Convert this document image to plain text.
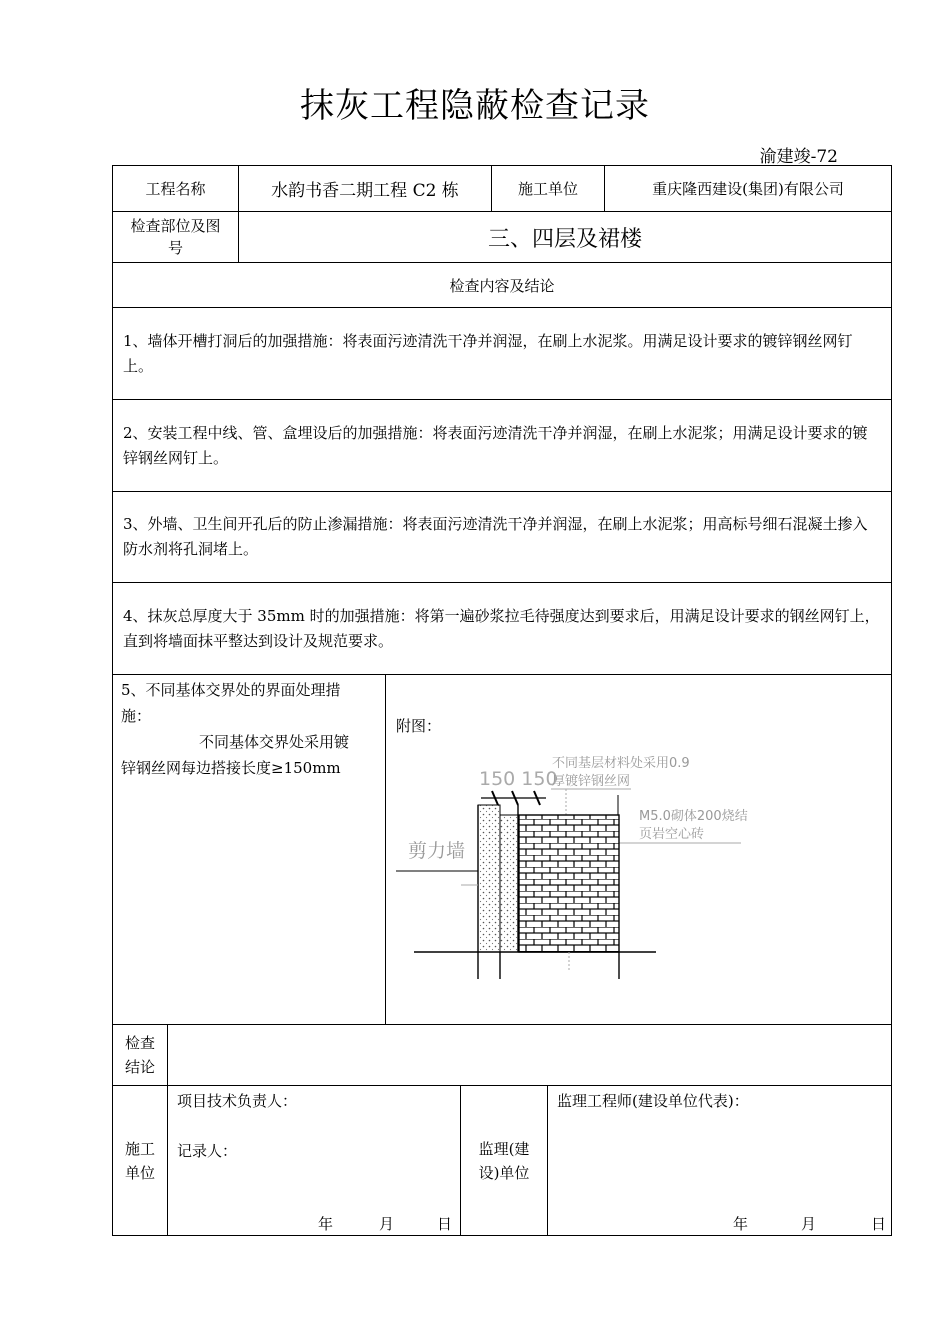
抹灰工程隐蔽检查记录
渝建竣-72
工程名称	水韵书香二期工程 C2 栋	施工单位	重庆隆西建设(集团)有限公司
检查部位及图
号	三、四层及裙楼
检查内容及结论
1、墙体开槽打洞后的加强措施：将表面污迹清洗干净并润湿，在刷上水泥浆。用满足设计要求的镀锌钢丝网钉上。
2、安装工程中线、管、盒埋设后的加强措施：将表面污迹清洗干净并润湿，在刷上水泥浆；用满足设计要求的镀锌钢丝网钉上。
3、外墙、卫生间开孔后的防止渗漏措施：将表面污迹清洗干净并润湿，在刷上水泥浆；用高标号细石混凝土掺入防水剂将孔洞堵上。
4、抹灰总厚度大于 35mm 时的加强措施：将第一遍砂浆拉毛待强度达到要求后，用满足设计要求的钢丝网钉上，直到将墙面抹平整达到设计及规范要求。
5、不同基体交界处的界面处理措
施：
不同基体交界处采用镀
锌钢丝网每边搭接长度≥150mm
附图：
150 150
不同基层材料处采用0.9
厚镀锌钢丝网
M5.0砌体200烧结
页岩空心砖
剪力墙
检查
结论
施工
单位
项目技术负责人：
记录人：
年	月	日
监理(建
设)单位
监理工程师(建设单位代表)：
年	月	日
